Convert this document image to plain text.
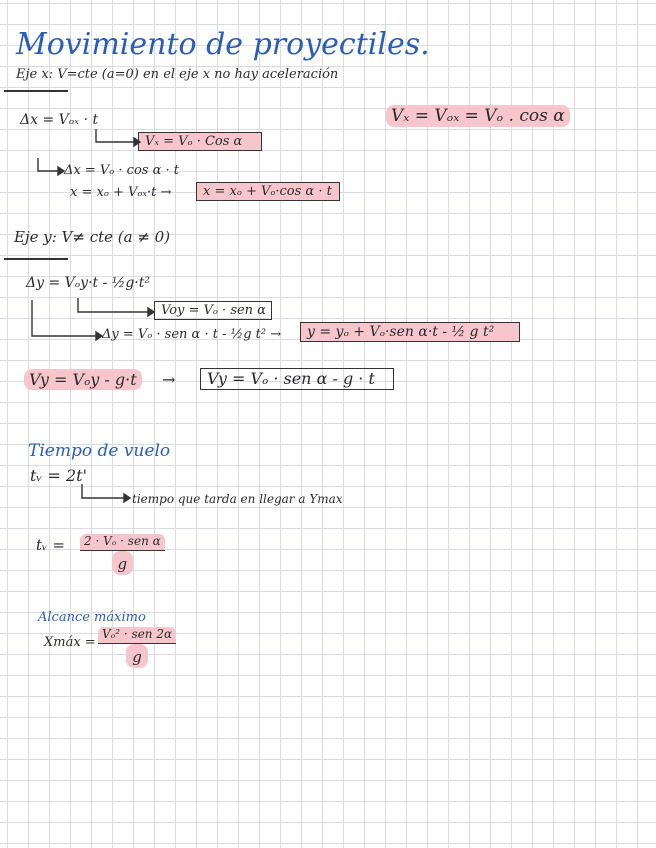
Movimiento de proyectiles.
Eje x: V=cte (a=0) en el eje x no hay aceleración
Δx = Vₒₓ · t	Vₓ = Vₒₓ = Vₒ . cos α
Vₓ = Vₒ · Cos α
Δx = Vₒ · cos α · t
x = xₒ + Vₒₓ·t →	x = xₒ + Vₒ·cos α · t
Eje y: V≠ cte (a ≠ 0)
Δy = Vₒy·t - ½g·t²
Voy = Vₒ · sen α
Δy = Vₒ · sen α · t - ½g t² →	y = yₒ + Vₒ·sen α·t - ½ g t²
Vy = Vₒy - g·t	→	Vy = Vₒ · sen α - g · t
Tiempo de vuelo
tᵥ = 2t'
tiempo que tarda en llegar a Ymax
tᵥ =	2 · Vₒ · sen α
g
Alcance máximo
Xmáx =
Vₒ² · sen 2α
g
